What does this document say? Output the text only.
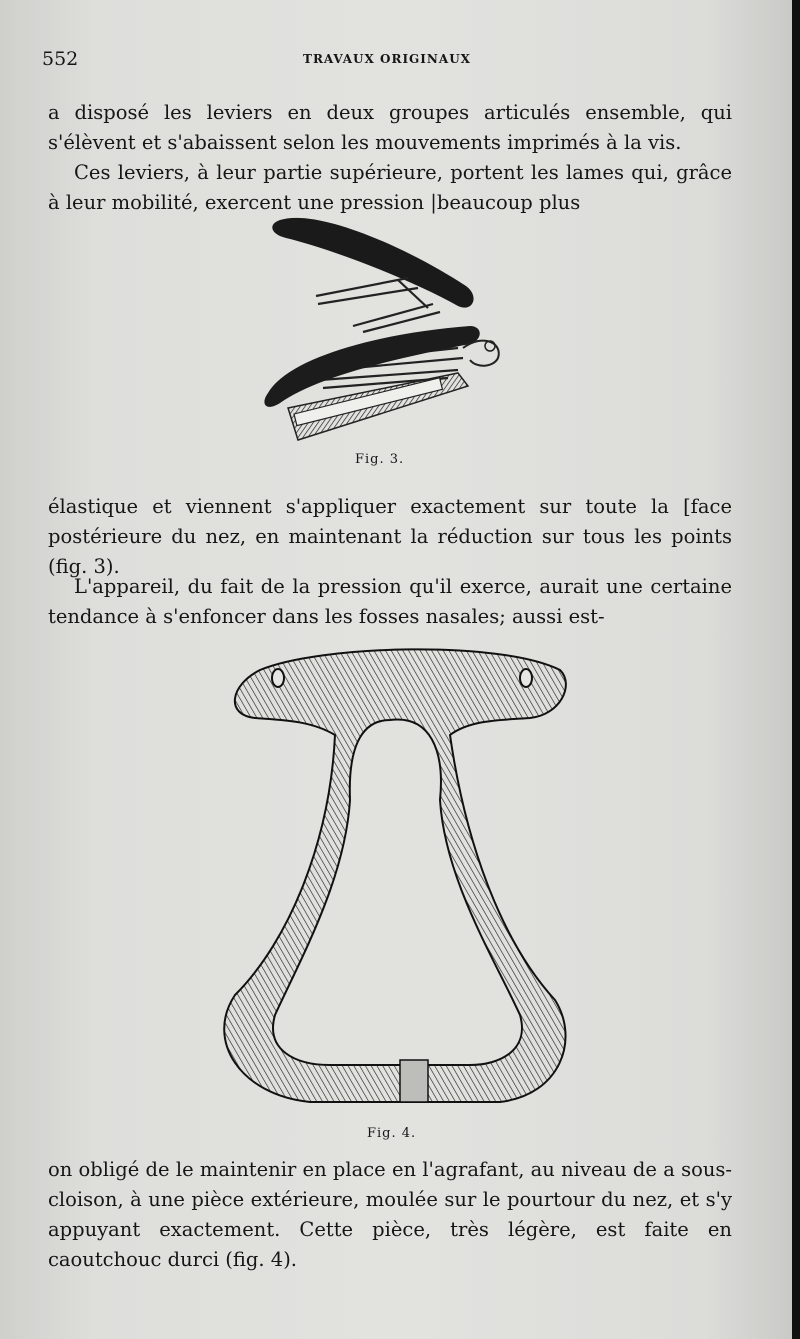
552	TRAVAUX ORIGINAUX

a disposé les leviers en deux groupes articulés ensemble, qui s'élèvent et s'abaissent selon les mouvements imprimés à la vis.

Ces leviers, à leur partie supérieure, portent les lames qui, grâce à leur mobilité, exercent une pression |beaucoup plus

Fig. 3.

élastique et viennent s'appliquer exactement sur toute la [face postérieure du nez, en maintenant la réduction sur tous les points (fig. 3).

L'appareil, du fait de la pression qu'il exerce, aurait une certaine tendance à s'enfoncer dans les fosses nasales; aussi est-

Fig. 4.

on obligé de le maintenir en place en l'agrafant, au niveau de a sous-cloison, à une pièce extérieure, moulée sur le pourtour du nez, et s'y appuyant exactement. Cette pièce, très légère, est faite en caoutchouc durci (fig. 4).
